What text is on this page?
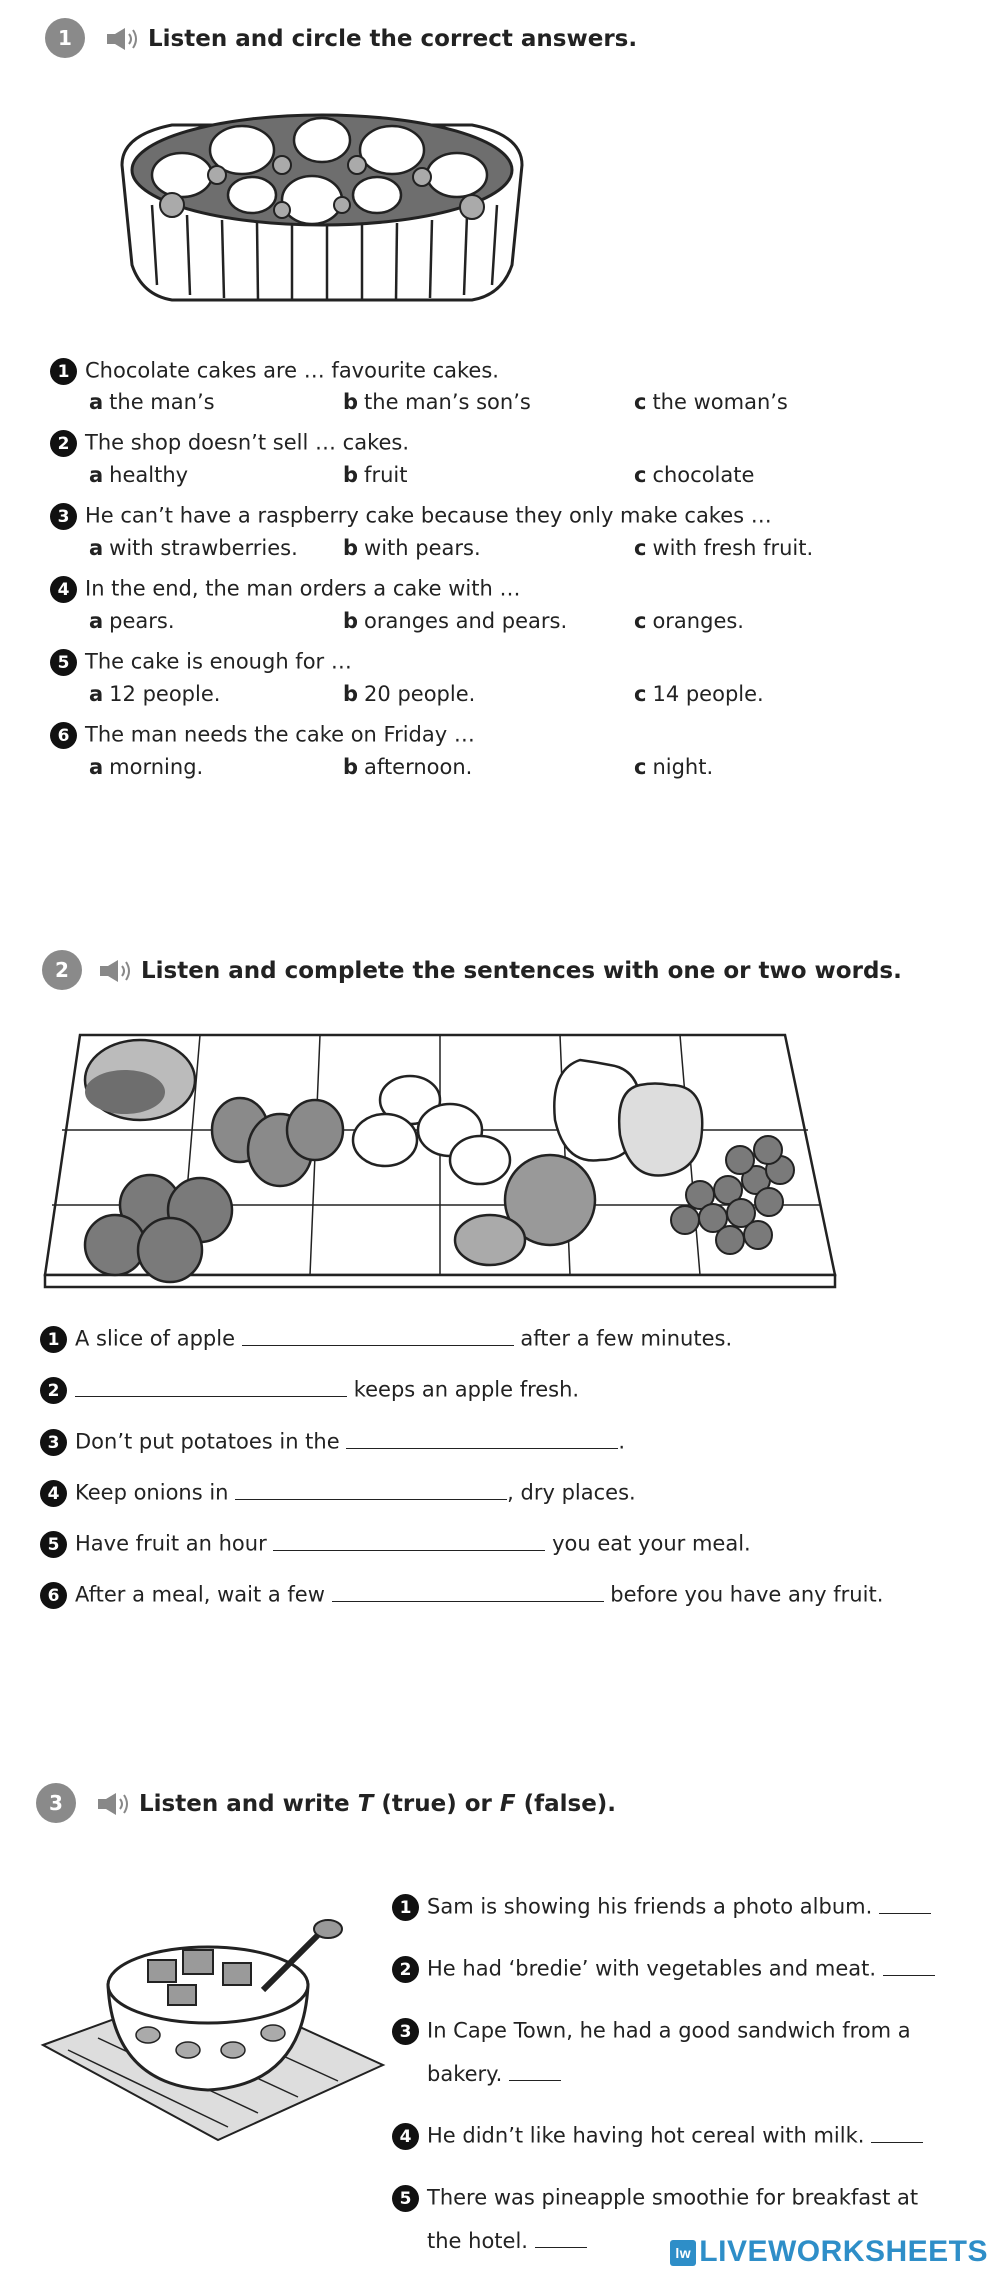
1	Listen and circle the correct answers.
1 Chocolate cakes are … favourite cakes.
a the man’s	b the man’s son’s	c the woman’s
2 The shop doesn’t sell … cakes.
a healthy	b fruit	c chocolate
3 He can’t have a raspberry cake because they only make cakes …
a with strawberries. b with pears.	c with fresh fruit.
4 In the end, the man orders a cake with …
a pears.	b oranges and pears.	c oranges.
5 The cake is enough for …
a 12 people.	b 20 people.	c 14 people.
6 The man needs the cake on Friday …
a morning.	b afternoon.	c night.
2	Listen and complete the sentences with one or two words.
1 A slice of apple	after a few minutes.
2	keeps an apple fresh.
3 Don’t put potatoes in the	.
4 Keep onions in	, dry places.
5 Have fruit an hour	you eat your meal.
6 After a meal, wait a few	before you have any fruit.
3	Listen and write T (true) or F (false).
1 Sam is showing his friends a photo album.
2 He had ‘bredie’ with vegetables and meat.
3 In Cape Town, he had a good sandwich from a
bakery.
4 He didn’t like having hot cereal with milk.
5 There was pineapple smoothie for breakfast at
the hotel.
lw LIVEWORKSHEETS
